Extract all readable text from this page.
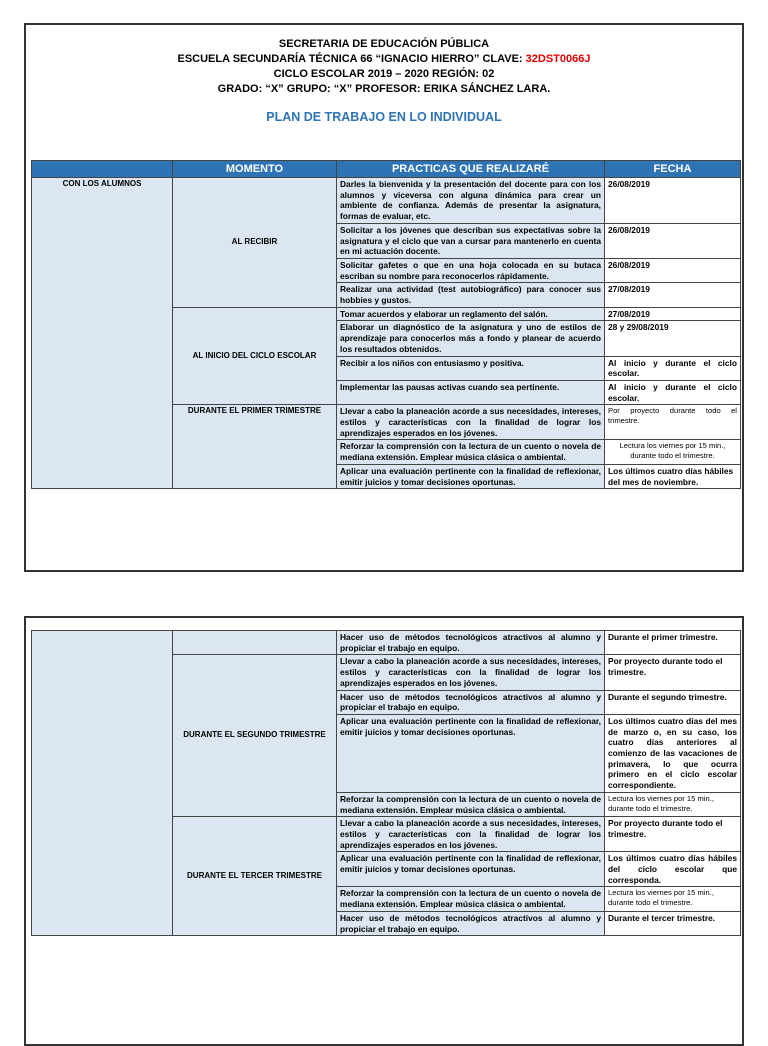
SECRETARIA DE EDUCACIÓN PÚBLICA
ESCUELA SECUNDARÍA TÉCNICA 66 “IGNACIO HIERRO” CLAVE: 32DST0066J
CICLO ESCOLAR 2019 – 2020 REGIÓN: 02
GRADO: “X” GRUPO: “X” PROFESOR: ERIKA SÁNCHEZ LARA.
PLAN DE TRABAJO EN LO INDIVIDUAL
	MOMENTO	PRACTICAS QUE REALIZARÉ	FECHA
CON LOS ALUMNOS	AL RECIBIR	Darles la bienvenida y la presentación del docente para con los alumnos y viceversa con alguna dinámica para crear un ambiente de confianza. Además de presentar la asignatura, formas de evaluar, etc.	26/08/2019
		Solicitar a los jóvenes que describan sus expectativas sobre la asignatura y el ciclo que van a cursar para mantenerlo en cuenta en mi actuación docente.	26/08/2019
		Solicitar gafetes o que en una hoja colocada en su butaca escriban su nombre para reconocerlos rápidamente.	26/08/2019
		Realizar una actividad (test autobiográfico) para conocer sus hobbies y gustos.	27/08/2019
	AL INICIO DEL CICLO ESCOLAR	Tomar acuerdos y elaborar un reglamento del salón.	27/08/2019
		Elaborar un diagnóstico de la asignatura y uno de estilos de aprendizaje para conocerlos más a fondo y planear de acuerdo los resultados obtenidos.	28 y 29/08/2019
		Recibir a los niños con entusiasmo y positiva.	Al inicio y durante el ciclo escolar.
		Implementar las pausas activas cuando sea pertinente.	Al inicio y durante el ciclo escolar.
	DURANTE EL PRIMER TRIMESTRE	Llevar a cabo la planeación acorde a sus necesidades, intereses, estilos y características con la finalidad de lograr los aprendizajes esperados en los jóvenes.	Por proyecto durante todo el trimestre.
		Reforzar la comprensión con la lectura de un cuento o novela de mediana extensión. Emplear música clásica o ambiental.	Lectura los viernes por 15 min., durante todo el trimestre.
		Aplicar una evaluación pertinente con la finalidad de reflexionar, emitir juicios y tomar decisiones oportunas.	Los últimos cuatro días hábiles del mes de noviembre.
		Hacer uso de métodos tecnológicos atractivos al alumno y propiciar el trabajo en equipo.	Durante el primer trimestre.
	DURANTE EL SEGUNDO TRIMESTRE	Llevar a cabo la planeación acorde a sus necesidades, intereses, estilos y características con la finalidad de lograr los aprendizajes esperados en los jóvenes.	Por proyecto durante todo el trimestre.
		Hacer uso de métodos tecnológicos atractivos al alumno y propiciar el trabajo en equipo.	Durante el segundo trimestre.
		Aplicar una evaluación pertinente con la finalidad de reflexionar, emitir juicios y tomar decisiones oportunas.	Los últimos cuatro días del mes de marzo o, en su caso, los cuatro días anteriores al comienzo de las vacaciones de primavera, lo que ocurra primero en el ciclo escolar correspondiente.
		Reforzar la comprensión con la lectura de un cuento o novela de mediana extensión. Emplear música clásica o ambiental.	Lectura los viernes por 15 min., durante todo el trimestre.
	DURANTE EL TERCER TRIMESTRE	Llevar a cabo la planeación acorde a sus necesidades, intereses, estilos y características con la finalidad de lograr los aprendizajes esperados en los jóvenes.	Por proyecto durante todo el trimestre.
		Aplicar una evaluación pertinente con la finalidad de reflexionar, emitir juicios y tomar decisiones oportunas.	Los últimos cuatro días hábiles del ciclo escolar que corresponda.
		Reforzar la comprensión con la lectura de un cuento o novela de mediana extensión. Emplear música clásica o ambiental.	Lectura los viernes por 15 min., durante todo el trimestre.
		Hacer uso de métodos tecnológicos atractivos al alumno y propiciar el trabajo en equipo.	Durante el tercer trimestre.
